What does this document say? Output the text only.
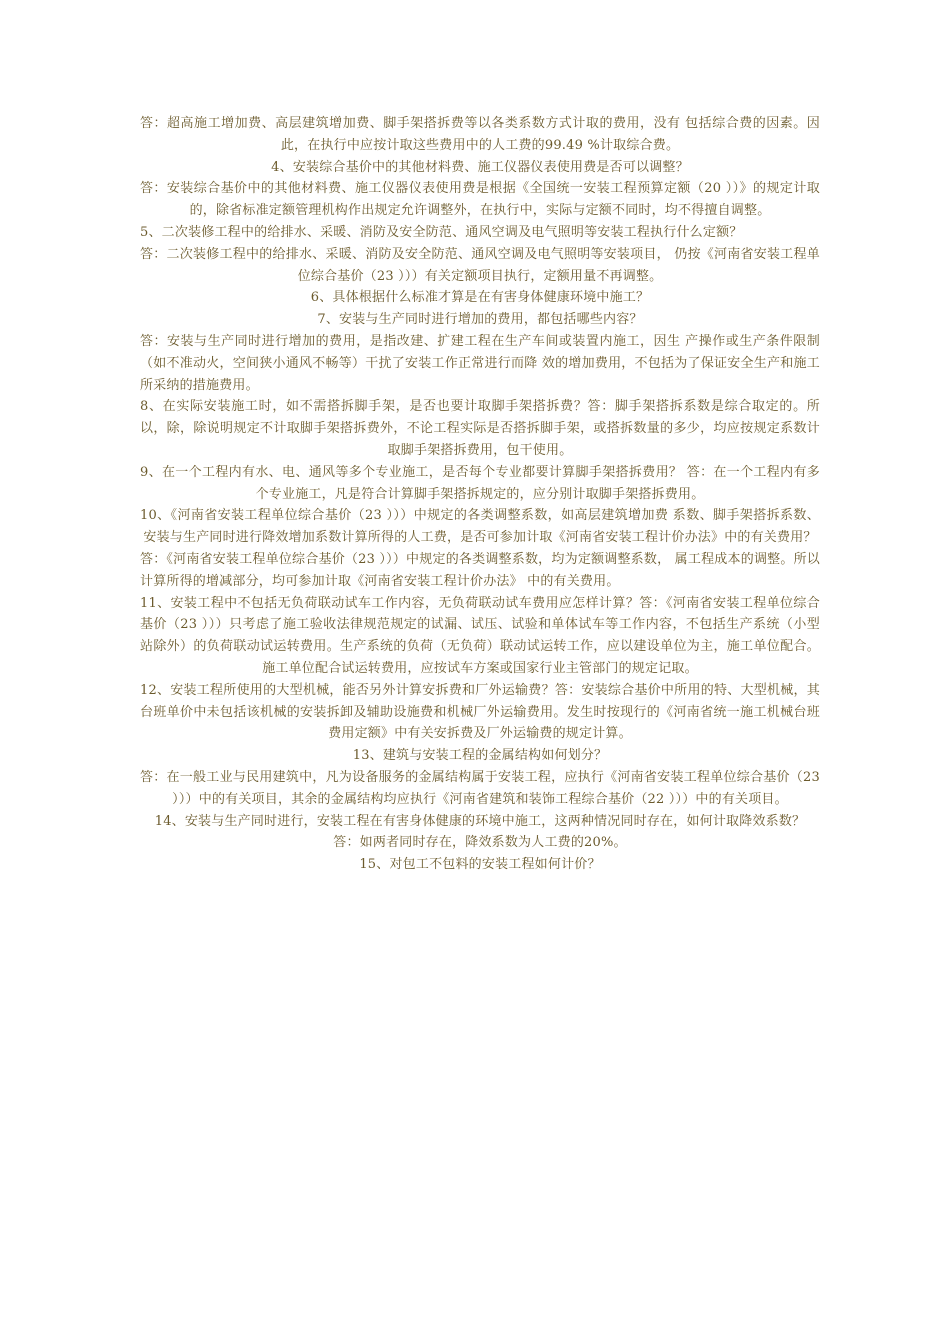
答：超高施工增加费、高层建筑增加费、脚手架搭拆费等以各类系数方式计取的费用，没有 包括综合费的因素。因此，在执行中应按计取这些费用中的人工费的99.49 %计取综合费。

4、安装综合基价中的其他材料费、施工仪器仪表使用费是否可以调整？

答：安装综合基价中的其他材料费、施工仪器仪表使用费是根据《全国统一安装工程预算定额（20 ））》的规定计取的，除省标准定额管理机构作出规定允许调整外，在执行中，实际与定额不同时，均不得擅自调整。

5、二次装修工程中的给排水、采暖、消防及安全防范、通风空调及电气照明等安装工程执行什么定额？

答：二次装修工程中的给排水、采暖、消防及安全防范、通风空调及电气照明等安装项目， 仍按《河南省安装工程单位综合基价（23 ）））有关定额项目执行，定额用量不再调整。

6、具体根据什么标准才算是在有害身体健康环境中施工？

7、安装与生产同时进行增加的费用，都包括哪些内容？

答：安装与生产同时进行增加的费用，是指改建、扩建工程在生产车间或装置内施工，因生 产操作或生产条件限制（如不准动火，空间狭小通风不畅等）干扰了安装工作正常进行而降 效的增加费用，不包括为了保证安全生产和施工所采纳的措施费用。

8、在实际安装施工时，如不需搭拆脚手架，是否也要计取脚手架搭拆费？答：脚手架搭拆系数是综合取定的。所以，除，除说明规定不计取脚手架搭拆费外，不论工程实际是否搭拆脚手架，或搭拆数量的多少，均应按规定系数计取脚手架搭拆费用，包干使用。

9、在一个工程内有水、电、通风等多个专业施工，是否每个专业都要计算脚手架搭拆费用？ 答：在一个工程内有多个专业施工，凡是符合计算脚手架搭拆规定的，应分别计取脚手架搭拆费用。

10、《河南省安装工程单位综合基价（23 ）））中规定的各类调整系数，如高层建筑增加费 系数、脚手架搭拆系数、安装与生产同时进行降效增加系数计算所得的人工费，是否可参加计取《河南省安装工程计价办法》中的有关费用？

答：《河南省安装工程单位综合基价（23 ）））中规定的各类调整系数，均为定额调整系数， 属工程成本的调整。所以计算所得的增减部分，均可参加计取《河南省安装工程计价办法》 中的有关费用。

11、安装工程中不包括无负荷联动试车工作内容，无负荷联动试车费用应怎样计算？答：《河南省安装工程单位综合基价（23 ）））只考虑了施工验收法律规范规定的试漏、试压、试验和单体试车等工作内容，不包括生产系统（小型站除外）的负荷联动试运转费用。生产系统的负荷（无负荷）联动试运转工作，应以建设单位为主，施工单位配合。施工单位配合试运转费用，应按试车方案或国家行业主管部门的规定记取。

12、安装工程所使用的大型机械，能否另外计算安拆费和厂外运输费？答：安装综合基价中所用的特、大型机械，其台班单价中未包括该机械的安装拆卸及辅助设施费和机械厂外运输费用。发生时按现行的《河南省统一施工机械台班费用定额》中有关安拆费及厂外运输费的规定计算。

13、建筑与安装工程的金属结构如何划分？

答：在一般工业与民用建筑中，凡为设备服务的金属结构属于安装工程，应执行《河南省安装工程单位综合基价（23 ）））中的有关项目，其余的金属结构均应执行《河南省建筑和装饰工程综合基价（22 ）））中的有关项目。

14、安装与生产同时进行，安装工程在有害身体健康的环境中施工，这两种情况同时存在，如何计取降效系数？

答：如两者同时存在，降效系数为人工费的20%。

15、对包工不包料的安装工程如何计价？
